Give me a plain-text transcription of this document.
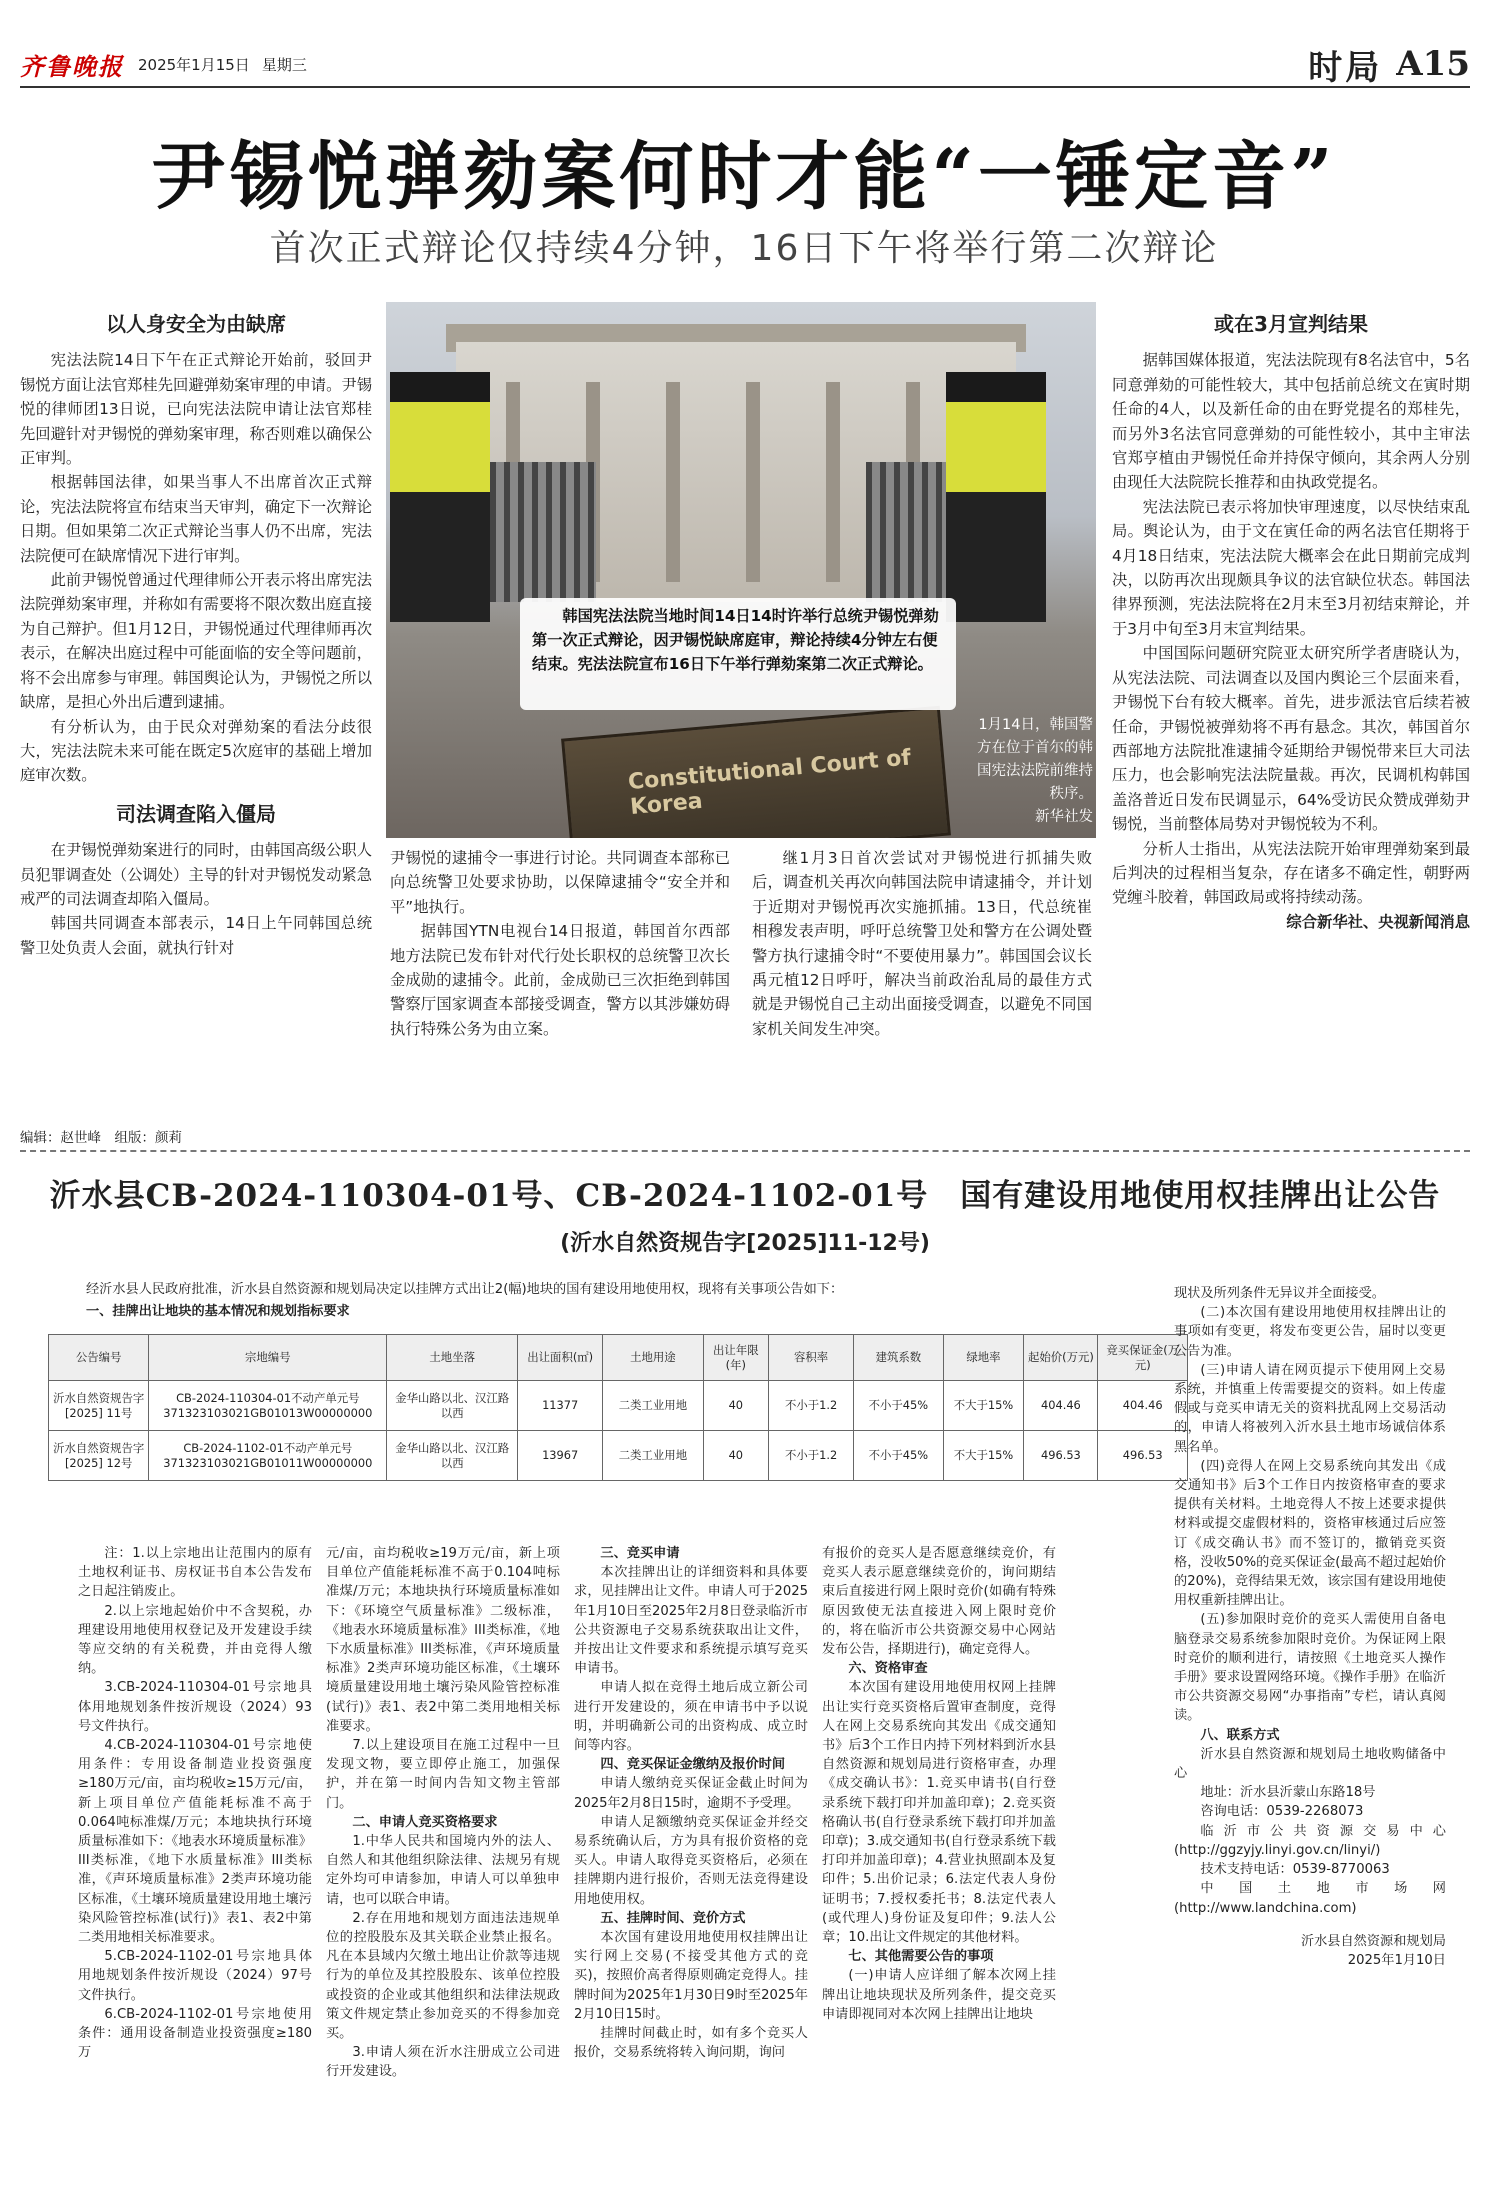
齐鲁晚报 2025年1月15日 星期三	时局 A15
尹锡悦弹劾案何时才能“一锤定音”
首次正式辩论仅持续4分钟，16日下午将举行第二次辩论
以人身安全为由缺席

宪法法院14日下午在正式辩论开始前，驳回尹锡悦方面让法官郑桂先回避弹劾案审理的申请。尹锡悦的律师团13日说，已向宪法法院申请让法官郑桂先回避针对尹锡悦的弹劾案审理，称否则难以确保公正审判。

根据韩国法律，如果当事人不出席首次正式辩论，宪法法院将宣布结束当天审判，确定下一次辩论日期。但如果第二次正式辩论当事人仍不出席，宪法法院便可在缺席情况下进行审判。

此前尹锡悦曾通过代理律师公开表示将出席宪法法院弹劾案审理，并称如有需要将不限次数出庭直接为自己辩护。但1月12日，尹锡悦通过代理律师再次表示，在解决出庭过程中可能面临的安全等问题前，将不会出席参与审理。韩国舆论认为，尹锡悦之所以缺席，是担心外出后遭到逮捕。

有分析认为，由于民众对弹劾案的看法分歧很大，宪法法院未来可能在既定5次庭审的基础上增加庭审次数。

司法调查陷入僵局

在尹锡悦弹劾案进行的同时，由韩国高级公职人员犯罪调查处（公调处）主导的针对尹锡悦发动紧急戒严的司法调查却陷入僵局。

韩国共同调查本部表示，14日上午同韩国总统警卫处负责人会面，就执行针对

Constitutional Court of Korea
韩国宪法法院当地时间14日14时许举行总统尹锡悦弹劾第一次正式辩论，因尹锡悦缺席庭审，辩论持续4分钟左右便结束。宪法法院宣布16日下午举行弹劾案第二次正式辩论。
1月14日，韩国警方在位于首尔的韩国宪法法院前维持秩序。
新华社发

尹锡悦的逮捕令一事进行讨论。共同调查本部称已向总统警卫处要求协助，以保障逮捕令“安全并和平”地执行。

据韩国YTN电视台14日报道，韩国首尔西部地方法院已发布针对代行处长职权的总统警卫次长金成勋的逮捕令。此前，金成勋已三次拒绝到韩国警察厅国家调查本部接受调查，警方以其涉嫌妨碍执行特殊公务为由立案。

继1月3日首次尝试对尹锡悦进行抓捕失败后，调查机关再次向韩国法院申请逮捕令，并计划于近期对尹锡悦再次实施抓捕。13日，代总统崔相穆发表声明，呼吁总统警卫处和警方在公调处暨警方执行逮捕令时“不要使用暴力”。韩国国会议长禹元植12日呼吁，解决当前政治乱局的最佳方式就是尹锡悦自己主动出面接受调查，以避免不同国家机关间发生冲突。

或在3月宣判结果

据韩国媒体报道，宪法法院现有8名法官中，5名同意弹劾的可能性较大，其中包括前总统文在寅时期任命的4人，以及新任命的由在野党提名的郑桂先，而另外3名法官同意弹劾的可能性较小，其中主审法官郑亨植由尹锡悦任命并持保守倾向，其余两人分别由现任大法院院长推荐和由执政党提名。

宪法法院已表示将加快审理速度，以尽快结束乱局。舆论认为，由于文在寅任命的两名法官任期将于4月18日结束，宪法法院大概率会在此日期前完成判决，以防再次出现颇具争议的法官缺位状态。韩国法律界预测，宪法法院将在2月末至3月初结束辩论，并于3月中旬至3月末宣判结果。

中国国际问题研究院亚太研究所学者唐晓认为，从宪法法院、司法调查以及国内舆论三个层面来看，尹锡悦下台有较大概率。首先，进步派法官后续若被任命，尹锡悦被弹劾将不再有悬念。其次，韩国首尔西部地方法院批准逮捕令延期给尹锡悦带来巨大司法压力，也会影响宪法法院量裁。再次，民调机构韩国盖洛普近日发布民调显示，64%受访民众赞成弹劾尹锡悦，当前整体局势对尹锡悦较为不利。

分析人士指出，从宪法法院开始审理弹劾案到最后判决的过程相当复杂，存在诸多不确定性，朝野两党缠斗胶着，韩国政局或将持续动荡。

综合新华社、央视新闻消息

编辑：赵世峰　组版：颜莉
沂水县CB-2024-110304-01号、CB-2024-1102-01号　国有建设用地使用权挂牌出让公告
(沂水自然资规告字[2025]11-12号)
经沂水县人民政府批准，沂水县自然资源和规划局决定以挂牌方式出让2(幅)地块的国有建设用地使用权，现将有关事项公告如下：
一、挂牌出让地块的基本情况和规划指标要求
公告编号	宗地编号	土地坐落	出让面积(㎡)	土地用途	出让年限(年)	容积率	建筑系数	绿地率	起始价(万元)	竞买保证金(万元)
沂水自然资规告字[2025] 11号	CB-2024-110304-01不动产单元号371323103021GB01013W00000000	金华山路以北、汉江路以西	11377	二类工业用地	40	不小于1.2	不小于45%	不大于15%	404.46	404.46
沂水自然资规告字[2025] 12号	CB-2024-1102-01不动产单元号371323103021GB01011W00000000	金华山路以北、汉江路以西	13967	二类工业用地	40	不小于1.2	不小于45%	不大于15%	496.53	496.53

注：1.以上宗地出让范围内的原有土地权利证书、房权证书自本公告发布之日起注销废止。

2.以上宗地起始价中不含契税，办理建设用地使用权登记及开发建设手续等应交纳的有关税费，并由竞得人缴纳。

3.CB-2024-110304-01号宗地具体用地规划条件按沂规设（2024）93号文件执行。

4.CB-2024-110304-01号宗地使用条件：专用设备制造业投资强度≥180万元/亩，亩均税收≥15万元/亩，新上项目单位产值能耗标准不高于0.064吨标准煤/万元；本地块执行环境质量标准如下：《地表水环境质量标准》III类标准，《地下水质量标准》III类标准，《声环境质量标准》2类声环境功能区标准，《土壤环境质量建设用地土壤污染风险管控标准(试行)》表1、表2中第二类用地相关标准要求。

5.CB-2024-1102-01号宗地具体用地规划条件按沂规设（2024）97号文件执行。

6.CB-2024-1102-01号宗地使用条件：通用设备制造业投资强度≥180万

元/亩，亩均税收≥19万元/亩，新上项目单位产值能耗标准不高于0.104吨标准煤/万元；本地块执行环境质量标准如下：《环境空气质量标准》二级标准，《地表水环境质量标准》III类标准，《地下水质量标准》III类标准，《声环境质量标准》2类声环境功能区标准，《土壤环境质量建设用地土壤污染风险管控标准(试行)》表1、表2中第二类用地相关标准要求。

7.以上建设项目在施工过程中一旦发现文物，要立即停止施工，加强保护，并在第一时间内告知文物主管部门。

二、申请人竞买资格要求

1.中华人民共和国境内外的法人、自然人和其他组织除法律、法规另有规定外均可申请参加，申请人可以单独申请，也可以联合申请。

2.存在用地和规划方面违法违规单位的控股股东及其关联企业禁止报名。凡在本县域内欠缴土地出让价款等违规行为的单位及其控股股东、该单位控股或投资的企业或其他组织和法律法规政策文件规定禁止参加竞买的不得参加竞买。

3.申请人须在沂水注册成立公司进行开发建设。

三、竞买申请

本次挂牌出让的详细资料和具体要求，见挂牌出让文件。申请人可于2025年1月10日至2025年2月8日登录临沂市公共资源电子交易系统获取出让文件，并按出让文件要求和系统提示填写竞买申请书。

申请人拟在竞得土地后成立新公司进行开发建设的，须在申请书中予以说明，并明确新公司的出资构成、成立时间等内容。

四、竞买保证金缴纳及报价时间

申请人缴纳竞买保证金截止时间为2025年2月8日15时，逾期不予受理。

申请人足额缴纳竞买保证金并经交易系统确认后，方为具有报价资格的竞买人。申请人取得竞买资格后，必须在挂牌期内进行报价，否则无法竞得建设用地使用权。

五、挂牌时间、竞价方式

本次国有建设用地使用权挂牌出让实行网上交易(不接受其他方式的竞买)，按照价高者得原则确定竞得人。挂牌时间为2025年1月30日9时至2025年2月10日15时。

挂牌时间截止时，如有多个竞买人报价，交易系统将转入询问期，询问

有报价的竞买人是否愿意继续竞价，有竞买人表示愿意继续竞价的，询问期结束后直接进行网上限时竞价(如确有特殊原因致使无法直接进入网上限时竞价的，将在临沂市公共资源交易中心网站发布公告，择期进行)，确定竞得人。

六、资格审查

本次国有建设用地使用权网上挂牌出让实行竞买资格后置审查制度，竞得人在网上交易系统向其发出《成交通知书》后3个工作日内持下列材料到沂水县自然资源和规划局进行资格审查，办理《成交确认书》：1.竞买申请书(自行登录系统下载打印并加盖印章)；2.竞买资格确认书(自行登录系统下载打印并加盖印章)；3.成交通知书(自行登录系统下载打印并加盖印章)；4.营业执照副本及复印件；5.出价记录；6.法定代表人身份证明书；7.授权委托书；8.法定代表人(或代理人)身份证及复印件；9.法人公章；10.出让文件规定的其他材料。

七、其他需要公告的事项

(一)申请人应详细了解本次网上挂牌出让地块现状及所列条件，提交竞买申请即视同对本次网上挂牌出让地块

现状及所列条件无异议并全面接受。

(二)本次国有建设用地使用权挂牌出让的事项如有变更，将发布变更公告，届时以变更公告为准。

(三)申请人请在网页提示下使用网上交易系统，并慎重上传需要提交的资料。如上传虚假或与竞买申请无关的资料扰乱网上交易活动的，申请人将被列入沂水县土地市场诚信体系黑名单。

(四)竞得人在网上交易系统向其发出《成交通知书》后3个工作日内按资格审查的要求提供有关材料。土地竞得人不按上述要求提供材料或提交虚假材料的，资格审核通过后应签订《成交确认书》而不签订的，撤销竞买资格，没收50%的竞买保证金(最高不超过起始价的20%)，竞得结果无效，该宗国有建设用地使用权重新挂牌出让。

(五)参加限时竞价的竞买人需使用自备电脑登录交易系统参加限时竞价。为保证网上限时竞价的顺利进行，请按照《土地竞买人操作手册》要求设置网络环境。《操作手册》在临沂市公共资源交易网“办事指南”专栏，请认真阅读。

八、联系方式

沂水县自然资源和规划局土地收购储备中心

地址：沂水县沂蒙山东路18号

咨询电话：0539-2268073

临沂市公共资源交易中心(http://ggzyjy.linyi.gov.cn/linyi/)

技术支持电话：0539-8770063

中国土地市场网(http://www.landchina.com)

沂水县自然资源和规划局

2025年1月10日
